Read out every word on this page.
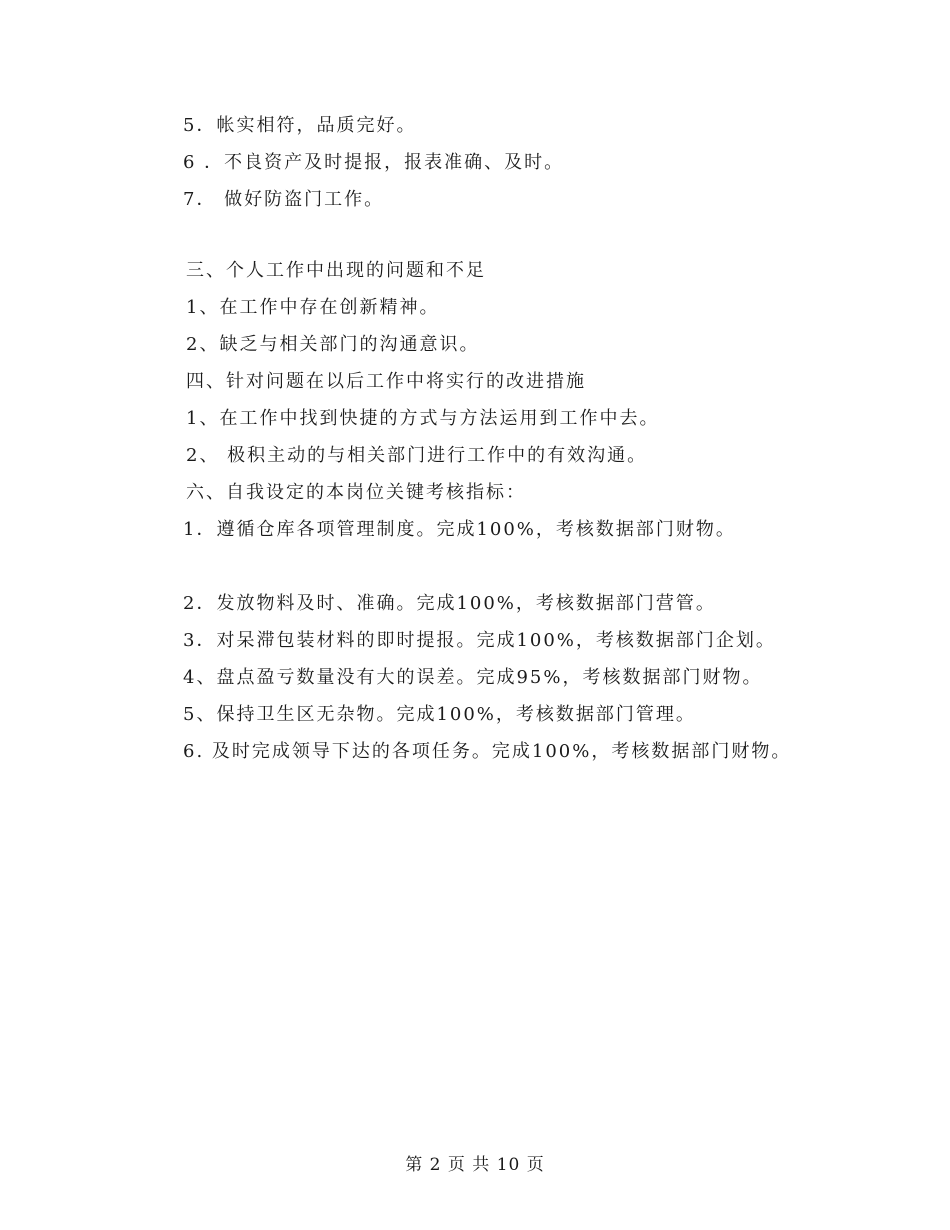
5．帐实相符，品质完好。
6 ．不良资产及时提报，报表准确、及时。
7． 做好防盗门工作。
三、个人工作中出现的问题和不足
1、在工作中存在创新精神。
2、缺乏与相关部门的沟通意识。
四、针对问题在以后工作中将实行的改进措施
1、在工作中找到快捷的方式与方法运用到工作中去。
2、 极积主动的与相关部门进行工作中的有效沟通。
六、自我设定的本岗位关键考核指标：
1．遵循仓库各项管理制度。完成100%，考核数据部门财物。
2．发放物料及时、准确。完成100%，考核数据部门营管。
3．对呆滞包装材料的即时提报。完成100%，考核数据部门企划。
4、盘点盈亏数量没有大的误差。完成95%，考核数据部门财物。
5、保持卫生区无杂物。完成100%，考核数据部门管理。
6. 及时完成领导下达的各项任务。完成100%，考核数据部门财物。
第 2 页 共 10 页
